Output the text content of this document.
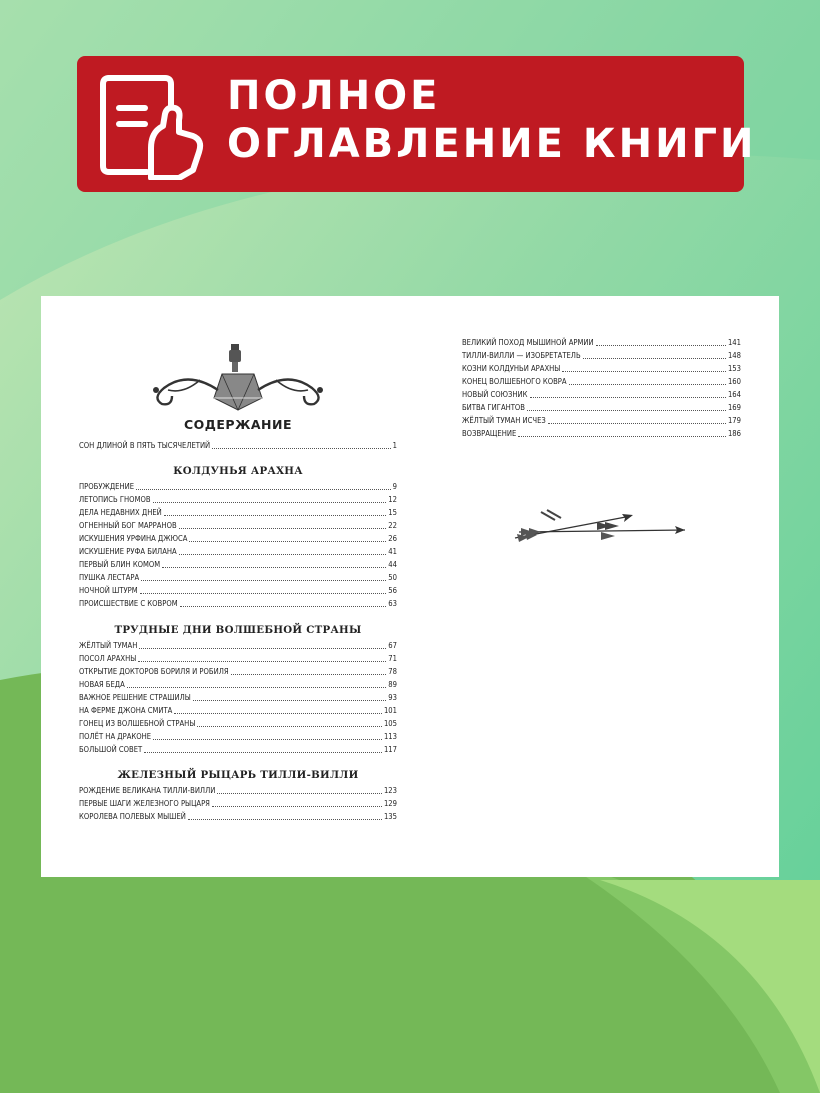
ПОЛНОЕ
ОГЛАВЛЕНИЕ КНИГИ
СОДЕРЖАНИЕ
СОН ДЛИНОЙ В ПЯТЬ ТЫСЯЧЕЛЕТИЙ	1
КОЛДУНЬЯ АРАХНА
ПРОБУЖДЕНИЕ	9
ЛЕТОПИСЬ ГНОМОВ	12
ДЕЛА НЕДАВНИХ ДНЕЙ	15
ОГНЕННЫЙ БОГ МАРРАНОВ	22
ИСКУШЕНИЯ УРФИНА ДЖЮСА	26
ИСКУШЕНИЕ РУФА БИЛАНА	41
ПЕРВЫЙ БЛИН КОМОМ	44
ПУШКА ЛЕСТАРА	50
НОЧНОЙ ШТУРМ	56
ПРОИСШЕСТВИЕ С КОВРОМ	63
ТРУДНЫЕ ДНИ ВОЛШЕБНОЙ СТРАНЫ
ЖЁЛТЫЙ ТУМАН	67
ПОСОЛ АРАХНЫ	71
ОТКРЫТИЕ ДОКТОРОВ БОРИЛЯ И РОБИЛЯ	78
НОВАЯ БЕДА	89
ВАЖНОЕ РЕШЕНИЕ СТРАШИЛЫ	93
НА ФЕРМЕ ДЖОНА СМИТА	101
ГОНЕЦ ИЗ ВОЛШЕБНОЙ СТРАНЫ	105
ПОЛЁТ НА ДРАКОНЕ	113
БОЛЬШОЙ СОВЕТ	117
ЖЕЛЕЗНЫЙ РЫЦАРЬ ТИЛЛИ-ВИЛЛИ
РОЖДЕНИЕ ВЕЛИКАНА ТИЛЛИ-ВИЛЛИ	123
ПЕРВЫЕ ШАГИ ЖЕЛЕЗНОГО РЫЦАРЯ	129
КОРОЛЕВА ПОЛЕВЫХ МЫШЕЙ	135
ВЕЛИКИЙ ПОХОД МЫШИНОЙ АРМИИ	141
ТИЛЛИ-ВИЛЛИ — ИЗОБРЕТАТЕЛЬ	148
КОЗНИ КОЛДУНЬИ АРАХНЫ	153
КОНЕЦ ВОЛШЕБНОГО КОВРА	160
НОВЫЙ СОЮЗНИК	164
БИТВА ГИГАНТОВ	169
ЖЁЛТЫЙ ТУМАН ИСЧЕЗ	179
ВОЗВРАЩЕНИЕ	186
